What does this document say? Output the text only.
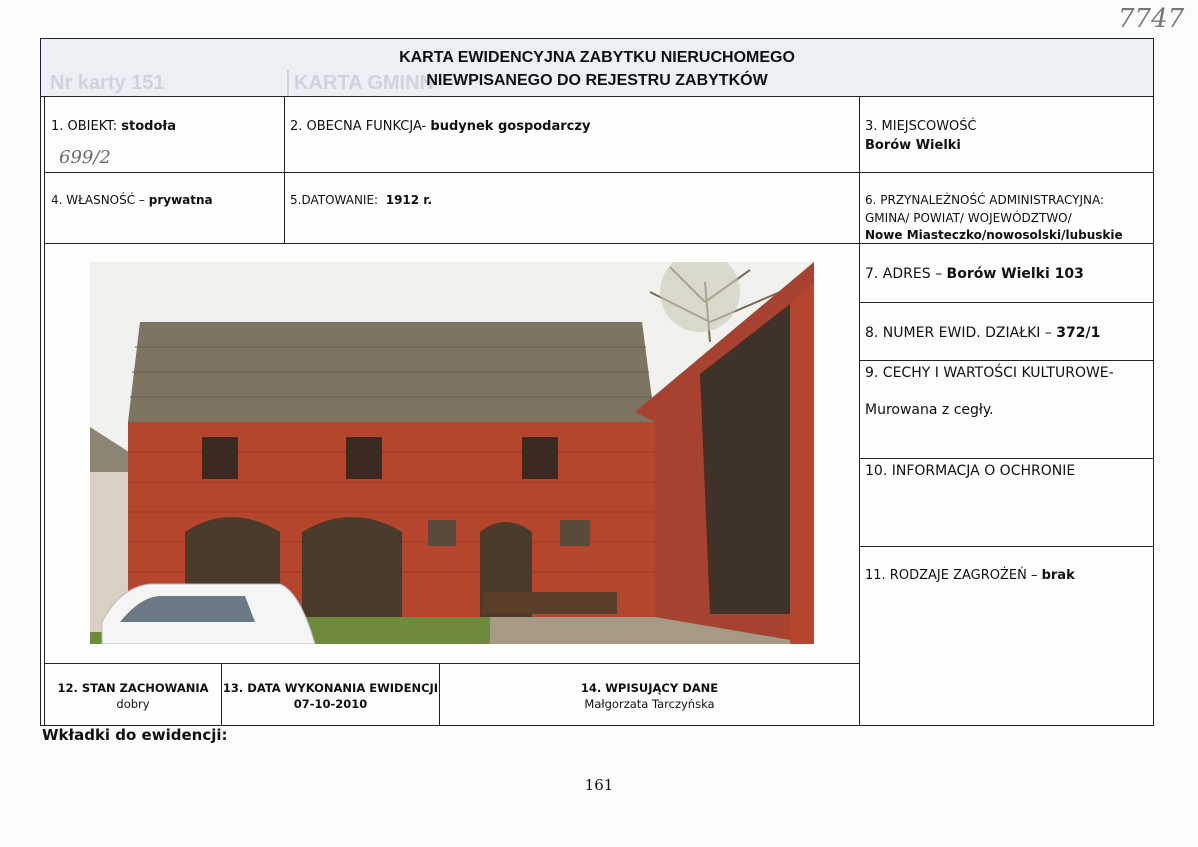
7747
Nr karty 151	KARTA GMINN
KARTA EWIDENCYJNA ZABYTKU NIERUCHOMEGO
NIEWPISANEGO DO REJESTRU ZABYTKÓW
1. OBIEKT: stodoła
699/2
2. OBECNA FUNKCJA- budynek gospodarczy	3. MIEJSCOWOŚĆ
Borów Wielki
4. WŁASNOŚĆ – prywatna	5.DATOWANIE: 1912 r.	6. PRZYNALEŻNOŚĆ ADMINISTRACYJNA:
GMINA/ POWIAT/ WOJEWÓDZTWO/
Nowe Miasteczko/nowosolski/lubuskie
7. ADRES – Borów Wielki 103
8. NUMER EWID. DZIAŁKI – 372/1
9. CECHY I WARTOŚCI KULTUROWE-
Murowana z cegły.
10. INFORMACJA O OCHRONIE
11. RODZAJE ZAGROŻEŃ – brak
12. STAN ZACHOWANIA
dobry
13. DATA WYKONANIA EWIDENCJI
07-10-2010
14. WPISUJĄCY DANE
Małgorzata Tarczyńska
Wkładki do ewidencji:
161
